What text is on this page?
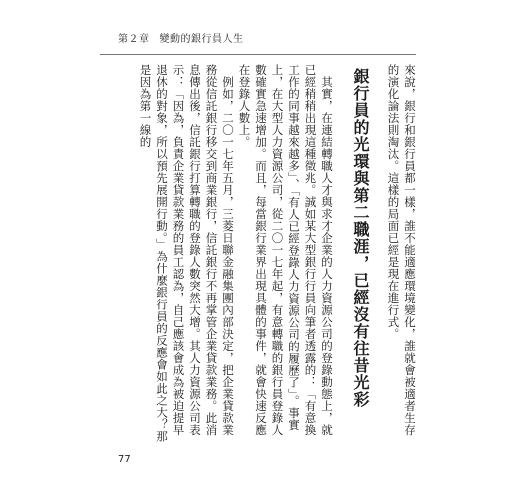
第２章 變動的銀行員人生

來說，銀行和銀行員都一樣，誰不能適應環境變化，誰就會被適者生存的演化論法則淘汰。這樣的局面已經是現在進行式。

銀行員的光環與第二職涯，已經沒有往昔光彩

其實，在連結轉職人才與求才企業的人力資源公司的登錄動態上，就已經稍稍出現這種徵兆。誠如某大型銀行行員向筆者透露的：「有意換工作的同事越來越多」、「有人已經登錄人力資源公司的履歷了」。事實上，在大型人力資源公司，從二〇一七年起，有意轉職的銀行員登錄人數確實急速增加。而且，每當銀行業界出現具體的事件，就會快速反應在登錄人數上。

例如，二〇一七年五月，三菱日聯金融集團內部決定，把企業貸款業務從信託銀行移交到商業銀行，信託銀行不再掌管企業貸款業務。此消息傳出後，信託銀行打算轉職的登錄人數突然大增。其人力資源公司表示：「因為，負責企業貸款業務的員工認為，自己應該會成為被迫提早退休的對象，所以預先展開行動。」為什麼銀行員的反應會如此之大？那是因為第一線的

77
